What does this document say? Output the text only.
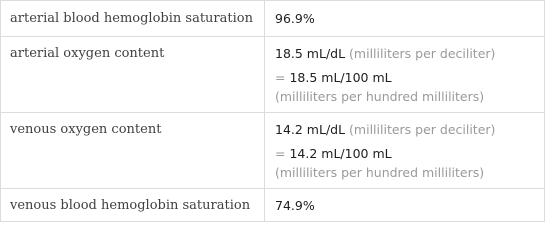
arterial blood hemoglobin saturation 96.9%
arterial oxygen content	18.5 mL/dL (milliliters per deciliter)
= 18.5 mL/100 mL
(milliliters per hundred milliliters)
venous oxygen content	14.2 mL/dL (milliliters per deciliter)
= 14.2 mL/100 mL
(milliliters per hundred milliliters)
venous blood hemoglobin saturation 74.9%
